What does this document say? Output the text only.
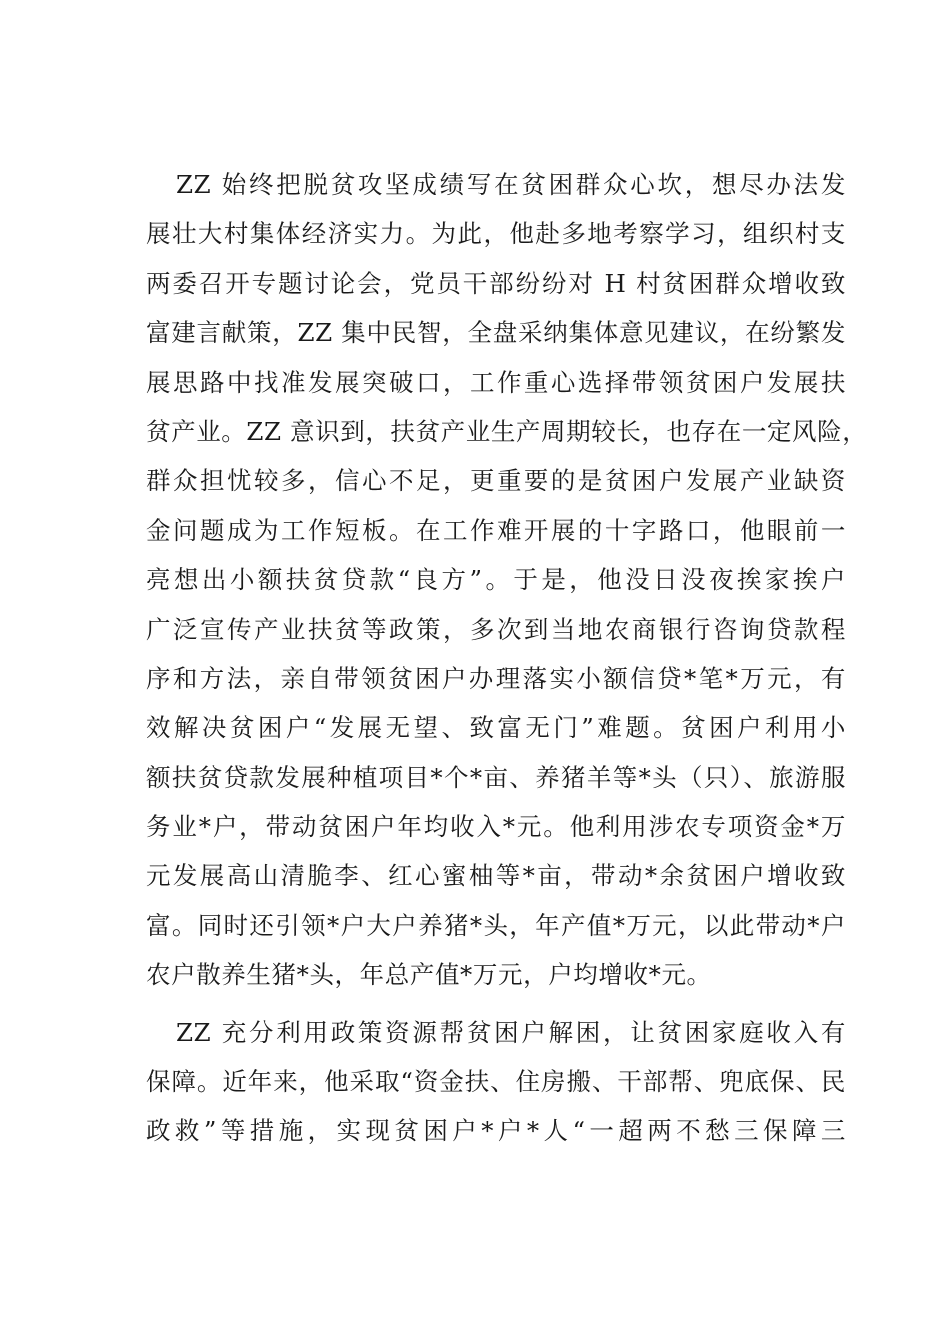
ZZ 始终把脱贫攻坚成绩写在贫困群众心坎，想尽办法发
展壮大村集体经济实力。为此，他赴多地考察学习，组织村支
两委召开专题讨论会，党员干部纷纷对 H 村贫困群众增收致
富建言献策，ZZ 集中民智，全盘采纳集体意见建议，在纷繁发
展思路中找准发展突破口，工作重心选择带领贫困户发展扶
贫产业。ZZ 意识到，扶贫产业生产周期较长，也存在一定风险，
群众担忧较多，信心不足，更重要的是贫困户发展产业缺资
金问题成为工作短板。在工作难开展的十字路口，他眼前一
亮想出小额扶贫贷款“良方”。于是，他没日没夜挨家挨户
广泛宣传产业扶贫等政策，多次到当地农商银行咨询贷款程
序和方法，亲自带领贫困户办理落实小额信贷*笔*万元，有
效解决贫困户“发展无望、致富无门”难题。贫困户利用小
额扶贫贷款发展种植项目*个*亩、养猪羊等*头（只）、旅游服
务业*户，带动贫困户年均收入*元。他利用涉农专项资金*万
元发展高山清脆李、红心蜜柚等*亩，带动*余贫困户增收致
富。同时还引领*户大户养猪*头，年产值*万元，以此带动*户
农户散养生猪*头，年总产值*万元，户均增收*元。
ZZ 充分利用政策资源帮贫困户解困，让贫困家庭收入有
保障。近年来，他采取“资金扶、住房搬、干部帮、兜底保、民
政救”等措施，实现贫困户*户*人“一超两不愁三保障三
